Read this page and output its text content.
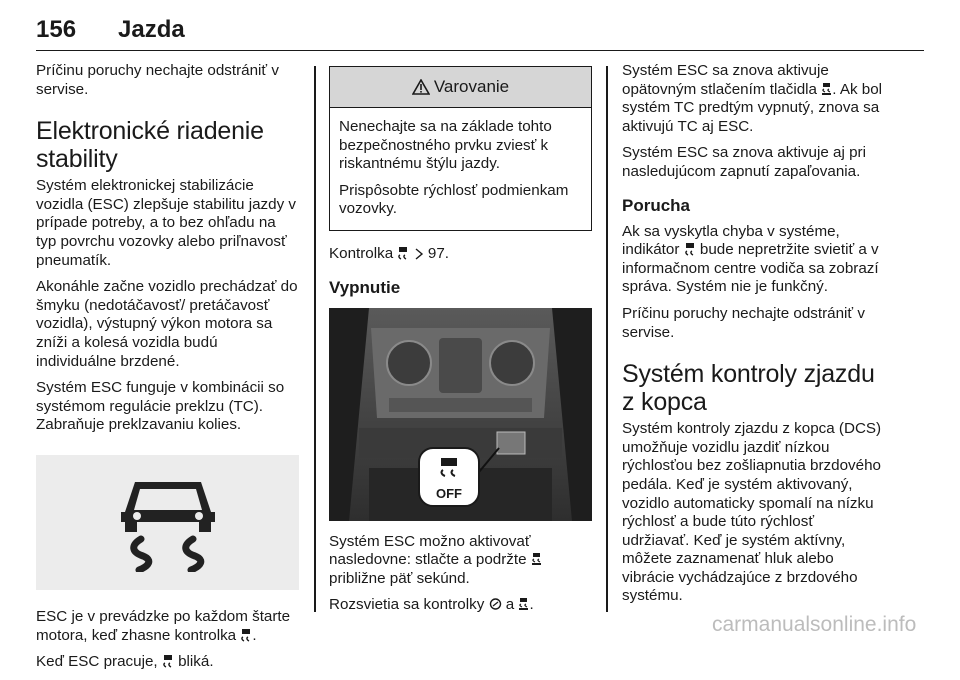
156 Jazda

Príčinu poruchy nechajte odstrániť v servise.

Elektronické riadenie stability

Systém elektronickej stabilizácie vozidla (ESC) zlepšuje stabilitu jazdy v prípade potreby, a to bez ohľadu na typ povrchu vozovky alebo priľnavosť pneumatík.

Akonáhle začne vozidlo prechádzať do šmyku (nedotáčavosť/ pretáčavosť vozidla), výstupný výkon motora sa zníži a kolesá vozidla budú individuálne brzdené.

Systém ESC funguje v kombinácii so systémom regulácie preklzu (TC). Zabraňuje preklzavaniu kolies.

ESC je v prevádzke po každom štarte motora, keď zhasne kontrolka .

Keď ESC pracuje, bliká.

Varovanie

Nenechajte sa na základe tohto bezpečnostného prvku zviesť k riskantnému štýlu jazdy.

Prispôsobte rýchlosť podmienkam vozovky.

Kontrolka 97.

Vypnutie
OFF

Systém ESC možno aktivovať nasledovne: stlačte a podržte  približne päť sekúnd.

Rozsvietia sa kontrolky a .

Systém ESC sa znova aktivuje opätovným stlačením tlačidla . Ak bol systém TC predtým vypnutý, znova sa aktivujú TC aj ESC.

Systém ESC sa znova aktivuje aj pri nasledujúcom zapnutí zapaľovania.

Porucha

Ak sa vyskytla chyba v systéme, indikátor bude nepretržite svietiť a v informačnom centre vodiča sa zobrazí správa. Systém nie je funkčný.

Príčinu poruchy nechajte odstrániť v servise.

Systém kontroly zjazdu z kopca

Systém kontroly zjazdu z kopca (DCS) umožňuje vozidlu jazdiť nízkou rýchlosťou bez zošliapnutia brzdového pedála. Keď je systém aktivovaný, vozidlo automaticky spomalí na nízku rýchlosť a bude túto rýchlosť udržiavať. Keď je systém aktívny, môžete zaznamenať hluk alebo vibrácie vychádzajúce z brzdového systému.

carmanualsonline.info
